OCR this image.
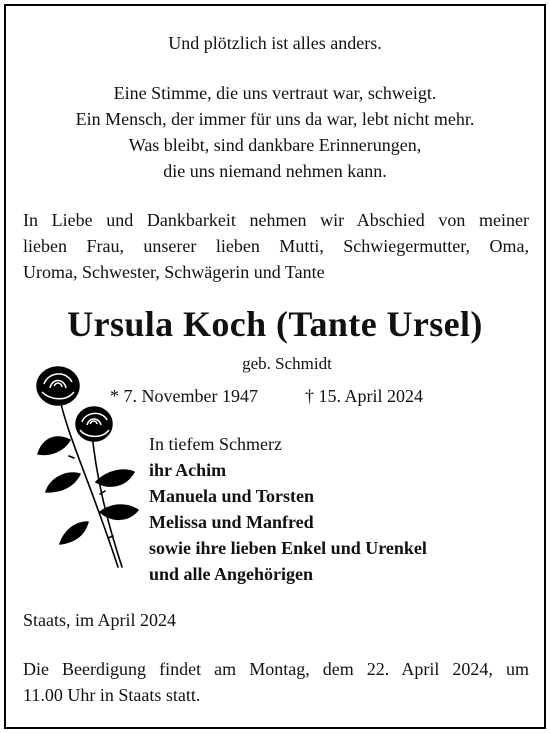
Und plötzlich ist alles anders.
Eine Stimme, die uns vertraut war, schweigt.
Ein Mensch, der immer für uns da war, lebt nicht mehr.
Was bleibt, sind dankbare Erinnerungen,
die uns niemand nehmen kann.
In Liebe und Dankbarkeit nehmen wir Abschied von meiner
lieben Frau, unserer lieben Mutti, Schwiegermutter, Oma,
Uroma, Schwester, Schwägerin und Tante
Ursula Koch (Tante Ursel)
geb. Schmidt
* 7. November 1947	† 15. April 2024
In tiefem Schmerz
ihr Achim
Manuela und Torsten
Melissa und Manfred
sowie ihre lieben Enkel und Urenkel
und alle Angehörigen
Staats, im April 2024
Die Beerdigung findet am Montag, dem 22. April 2024, um
11.00 Uhr in Staats statt.
